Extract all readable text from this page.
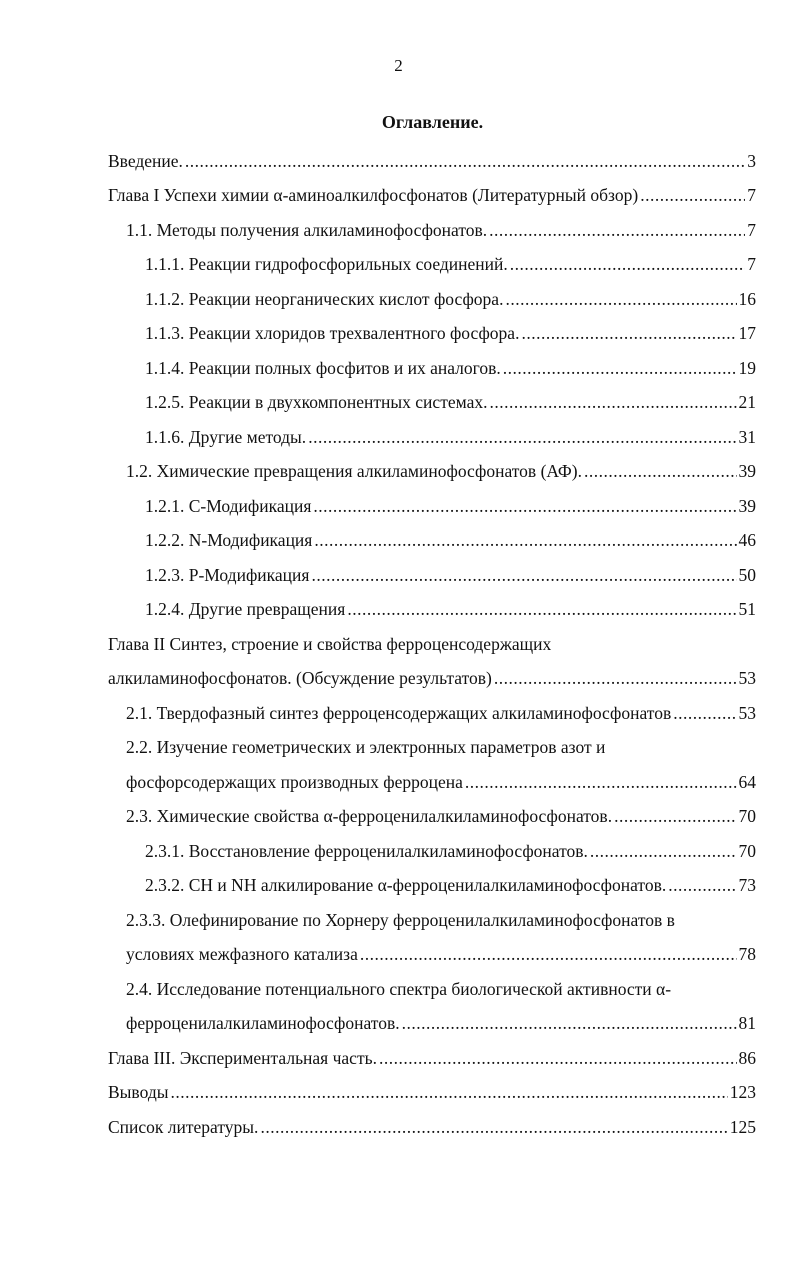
2
Оглавление.
Введение. .....	3
Глава I Успехи химии α-аминоалкилфосфонатов (Литературный обзор) .....	7
1.1. Методы получения алкиламинофосфонатов. .....	7
1.1.1. Реакции гидрофосфорильных соединений. .....	7
1.1.2. Реакции неорганических кислот фосфора. .....	16
1.1.3. Реакции хлоридов трехвалентного фосфора. .....	17
1.1.4. Реакции полных фосфитов и их аналогов. .....	19
1.2.5. Реакции в двухкомпонентных системах. .....	21
1.1.6. Другие методы. .....	31
1.2. Химические превращения алкиламинофосфонатов (АФ). .....	39
1.2.1. С-Модификация .....	39
1.2.2. N-Модификация .....	46
1.2.3. Р-Модификация .....	50
1.2.4. Другие превращения .....	51
Глава II Синтез, строение и свойства ферроценсодержащих
алкиламинофосфонатов. (Обсуждение результатов) .....	53
2.1. Твердофазный синтез ферроценсодержащих алкиламинофосфонатов .....	53
2.2. Изучение геометрических и электронных параметров азот и
фосфорсодержащих производных ферроцена .....	64
2.3. Химические свойства α-ферроценилалкиламинофосфонатов. .....	70
2.3.1. Восстановление ферроценилалкиламинофосфонатов. .....	70
2.3.2. CH и NH алкилирование α-ферроценилалкиламинофосфонатов. .....	73
2.3.3. Олефинирование по Хорнеру ферроценилалкиламинофосфонатов в
условиях межфазного катализа .....	78
2.4. Исследование потенциального спектра биологической активности α-
ферроценилалкиламинофосфонатов. .....	81
Глава III. Экспериментальная часть. .....	86
Выводы .....	123
Список литературы. .....	125
